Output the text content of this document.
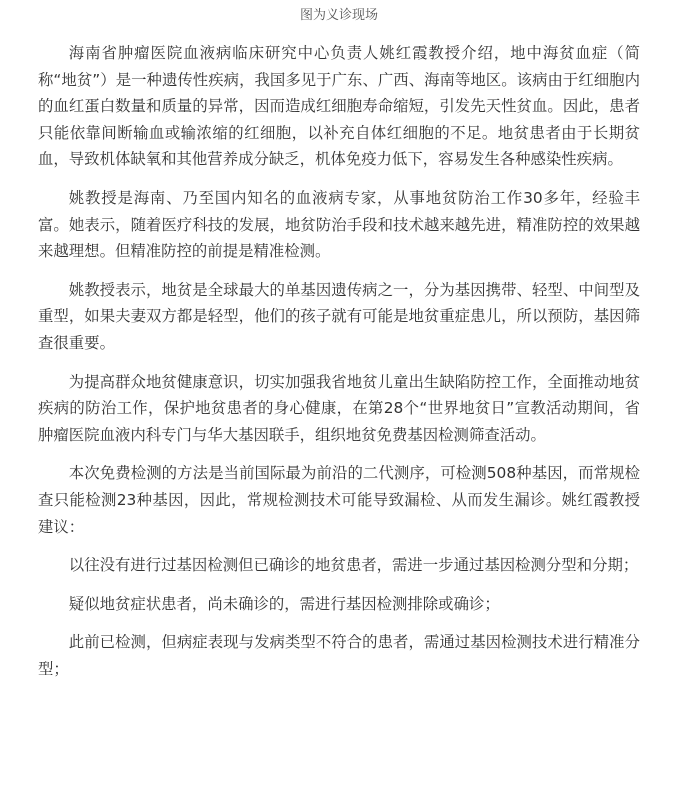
图为义诊现场

海南省肿瘤医院血液病临床研究中心负责人姚红霞教授介绍，地中海贫血症（简称“地贫”）是一种遗传性疾病，我国多见于广东、广西、海南等地区。该病由于红细胞内的血红蛋白数量和质量的异常，因而造成红细胞寿命缩短，引发先天性贫血。因此，患者只能依靠间断输血或输浓缩的红细胞，以补充自体红细胞的不足。地贫患者由于长期贫血，导致机体缺氧和其他营养成分缺乏，机体免疫力低下，容易发生各种感染性疾病。

姚教授是海南、乃至国内知名的血液病专家，从事地贫防治工作30多年，经验丰富。她表示，随着医疗科技的发展，地贫防治手段和技术越来越先进，精准防控的效果越来越理想。但精准防控的前提是精准检测。

姚教授表示，地贫是全球最大的单基因遗传病之一，分为基因携带、轻型、中间型及重型，如果夫妻双方都是轻型，他们的孩子就有可能是地贫重症患儿，所以预防，基因筛查很重要。

为提高群众地贫健康意识，切实加强我省地贫儿童出生缺陷防控工作，全面推动地贫疾病的防治工作，保护地贫患者的身心健康，在第28个“世界地贫日”宣教活动期间，省肿瘤医院血液内科专门与华大基因联手，组织地贫免费基因检测筛查活动。

本次免费检测的方法是当前国际最为前沿的二代测序，可检测508种基因，而常规检查只能检测23种基因，因此，常规检测技术可能导致漏检、从而发生漏诊。姚红霞教授建议：

以往没有进行过基因检测但已确诊的地贫患者，需进一步通过基因检测分型和分期；

疑似地贫症状患者，尚未确诊的，需进行基因检测排除或确诊；

此前已检测，但病症表现与发病类型不符合的患者，需通过基因检测技术进行精准分型；
